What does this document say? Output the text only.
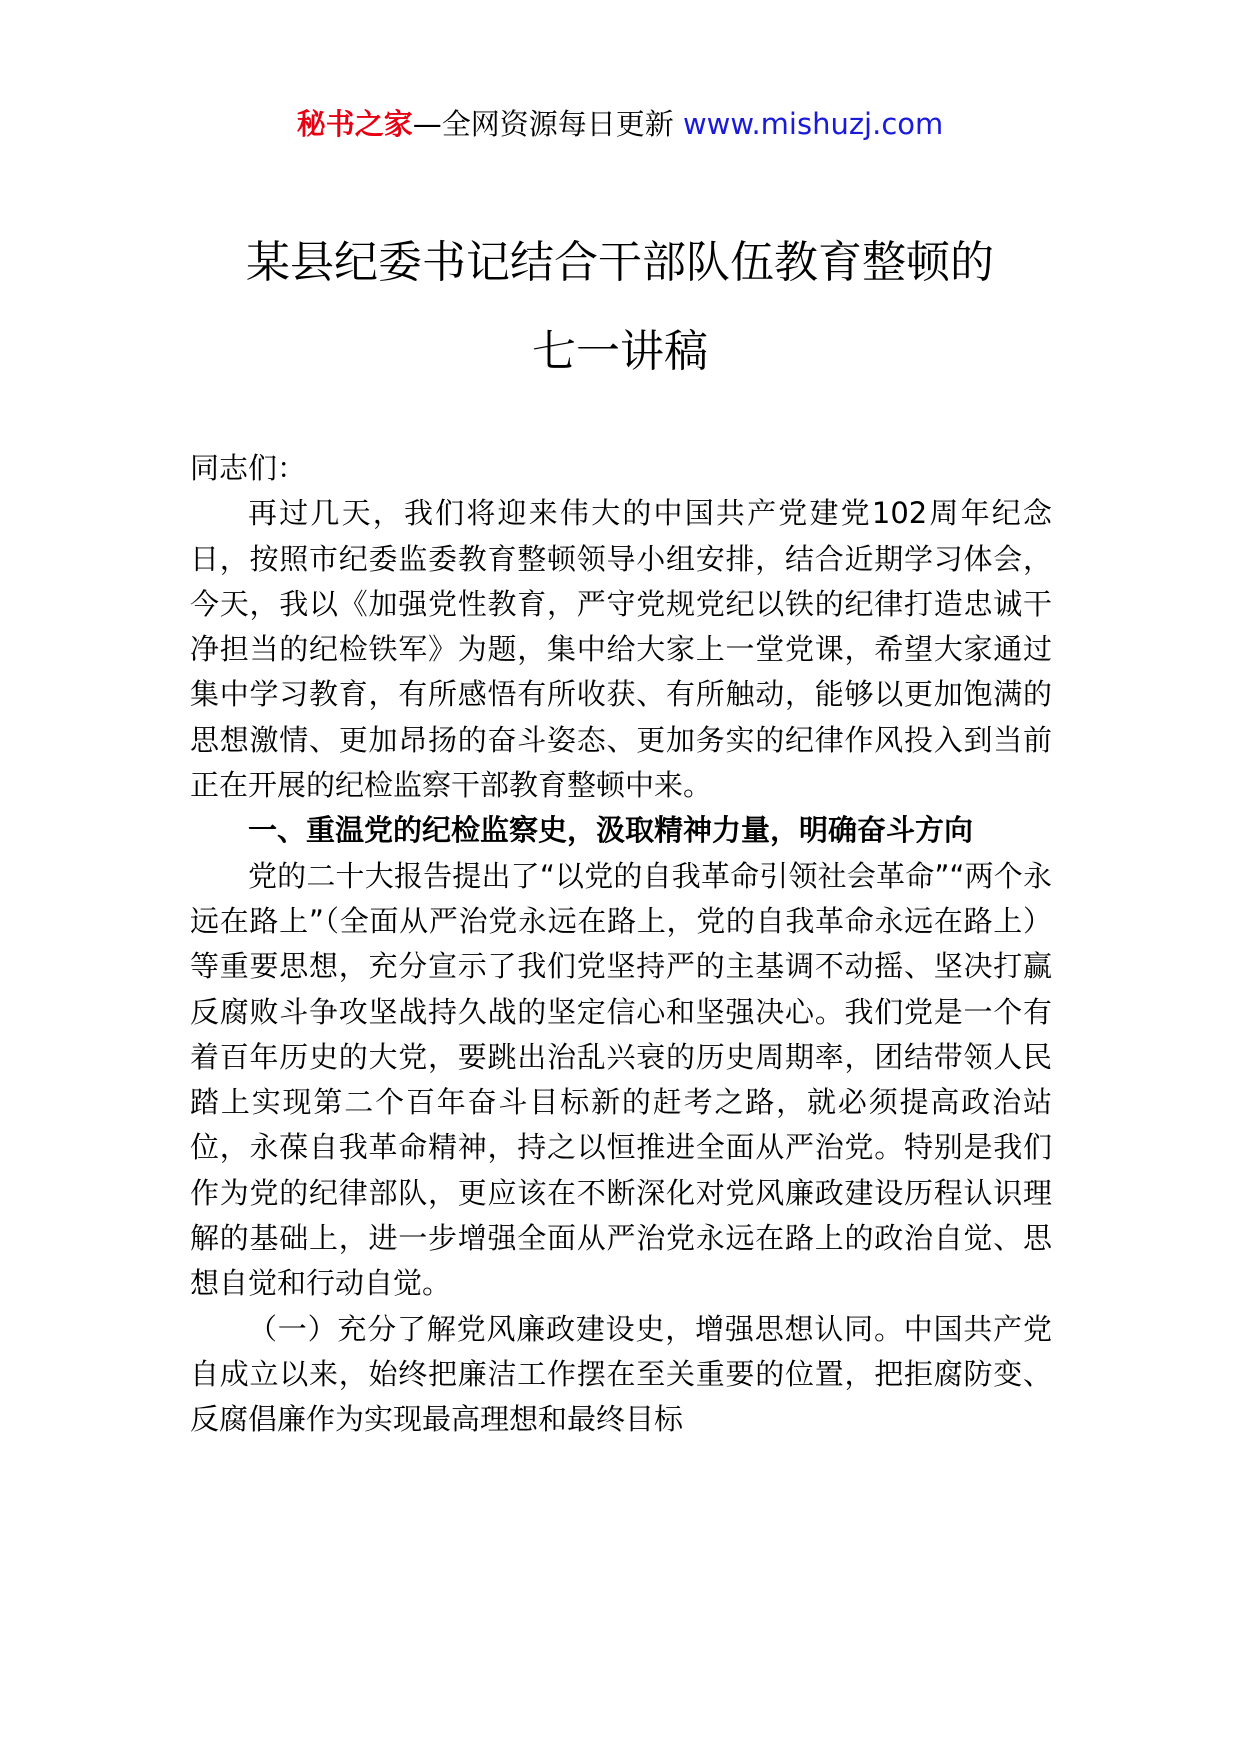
秘书之家—全网资源每日更新 www.mishuzj.com
某县纪委书记结合干部队伍教育整顿的
七一讲稿

同志们：

再过几天，我们将迎来伟大的中国共产党建党102周年纪念日，按照市纪委监委教育整顿领导小组安排，结合近期学习体会，今天，我以《加强党性教育，严守党规党纪以铁的纪律打造忠诚干净担当的纪检铁军》为题，集中给大家上一堂党课，希望大家通过集中学习教育，有所感悟有所收获、有所触动，能够以更加饱满的思想激情、更加昂扬的奋斗姿态、更加务实的纪律作风投入到当前正在开展的纪检监察干部教育整顿中来。

一、重温党的纪检监察史，汲取精神力量，明确奋斗方向

党的二十大报告提出了“以党的自我革命引领社会革命”“两个永远在路上”（全面从严治党永远在路上，党的自我革命永远在路上）等重要思想，充分宣示了我们党坚持严的主基调不动摇、坚决打赢反腐败斗争攻坚战持久战的坚定信心和坚强决心。我们党是一个有着百年历史的大党，要跳出治乱兴衰的历史周期率，团结带领人民踏上实现第二个百年奋斗目标新的赶考之路，就必须提高政治站位，永葆自我革命精神，持之以恒推进全面从严治党。特别是我们作为党的纪律部队，更应该在不断深化对党风廉政建设历程认识理解的基础上，进一步增强全面从严治党永远在路上的政治自觉、思想自觉和行动自觉。

（一）充分了解党风廉政建设史，增强思想认同。中国共产党自成立以来，始终把廉洁工作摆在至关重要的位置，把拒腐防变、反腐倡廉作为实现最高理想和最终目标
